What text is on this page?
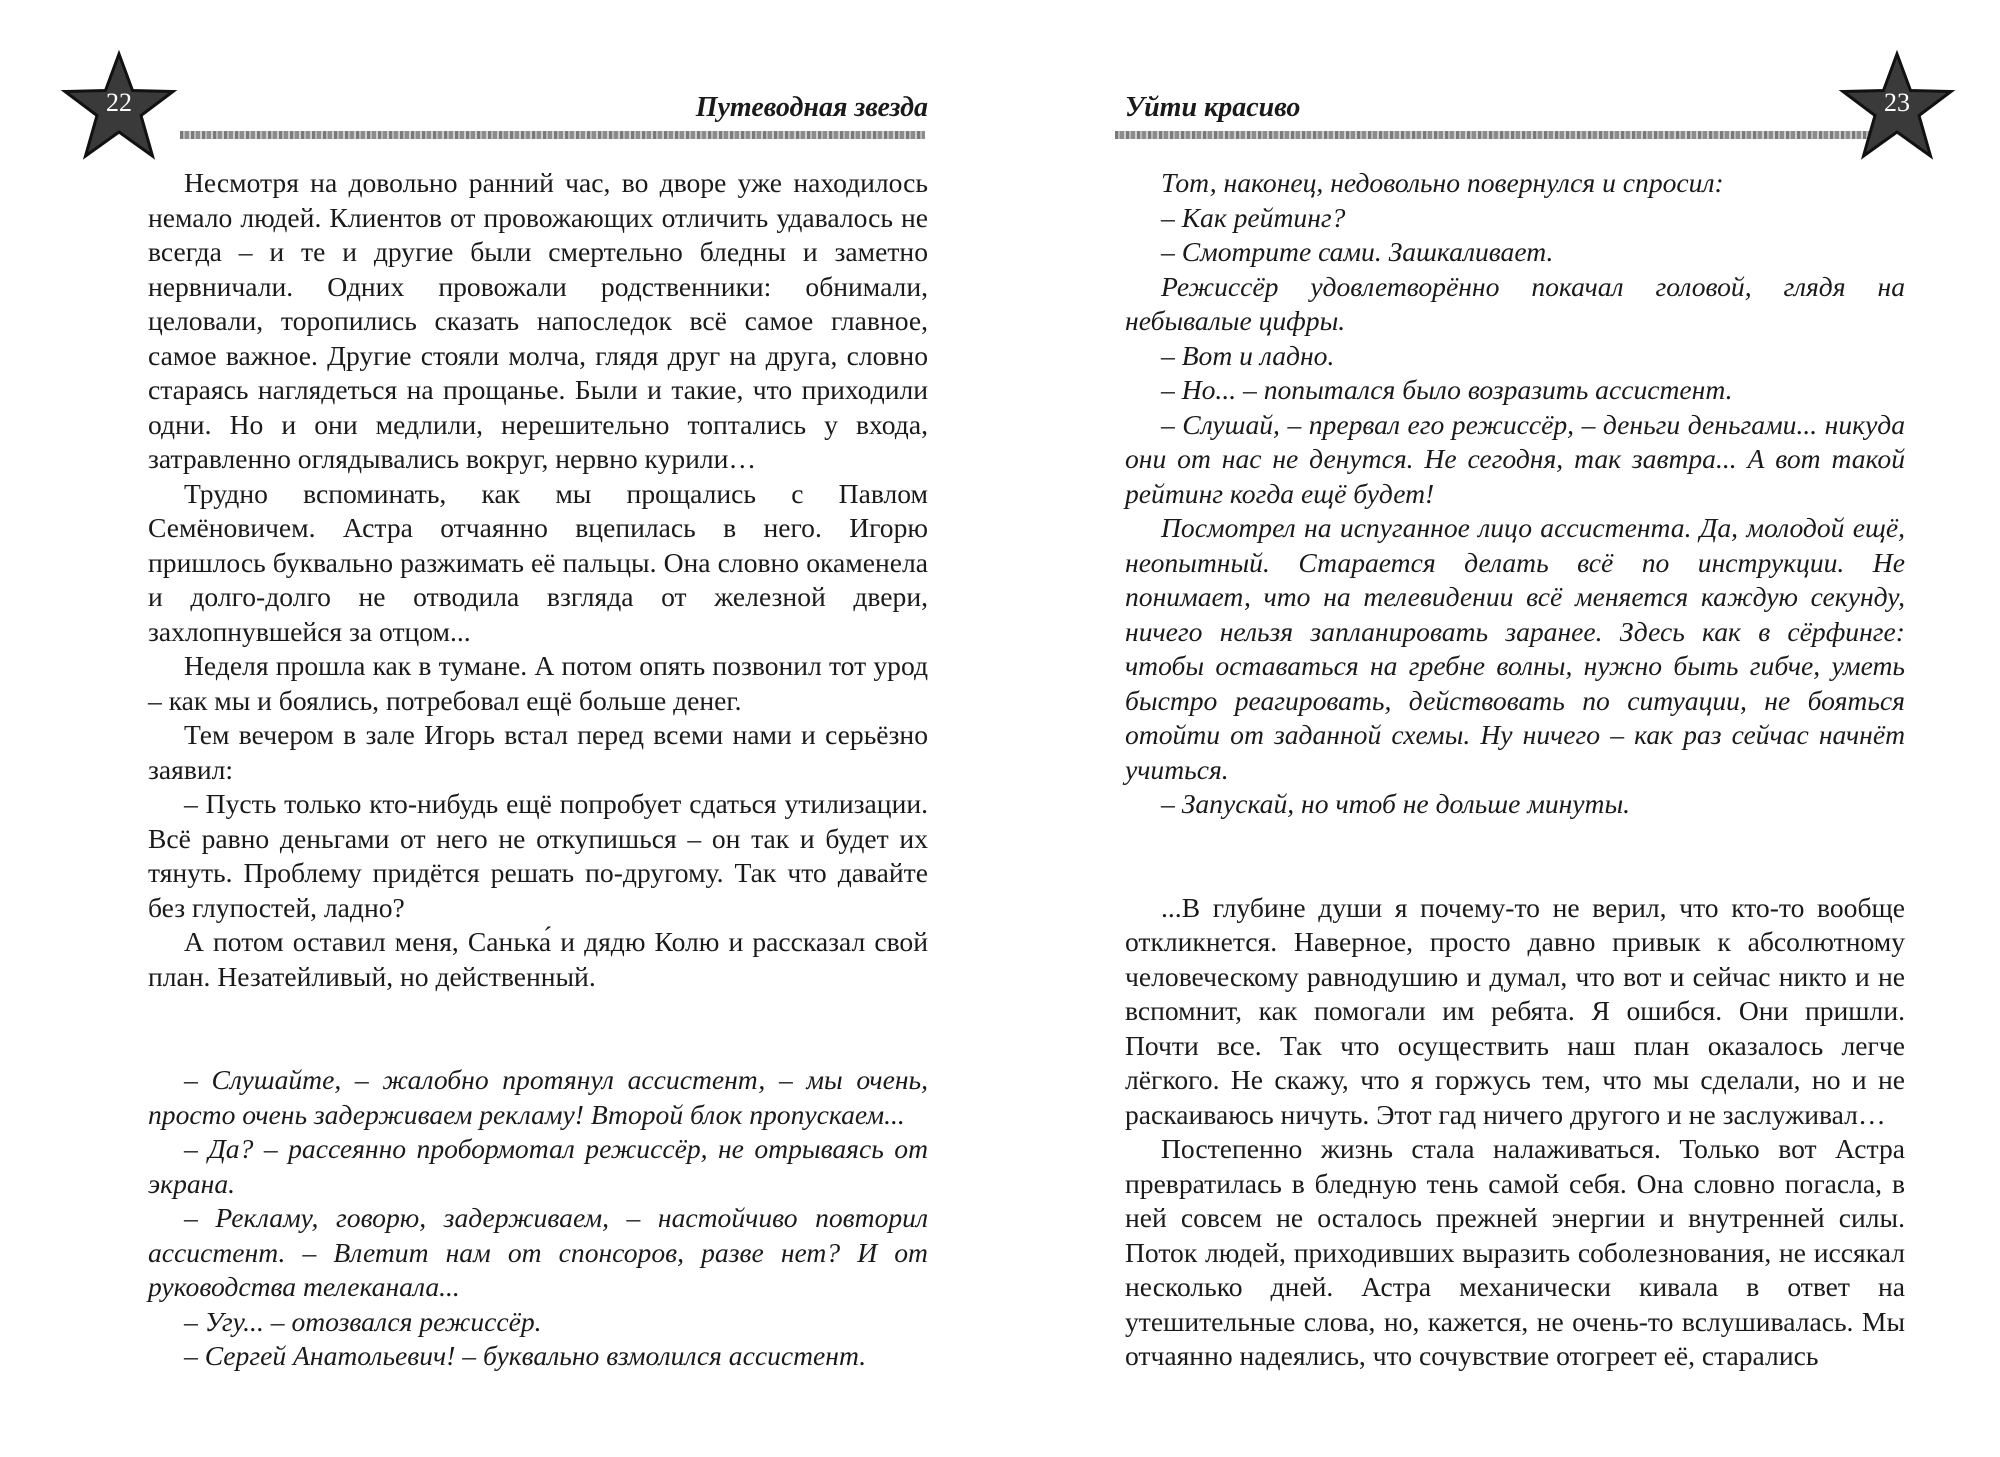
22	Путеводная звезда

Несмотря на довольно ранний час, во дворе уже находилось немало людей. Клиентов от провожающих отличить удавалось не всегда – и те и другие были смертельно бледны и заметно нервничали. Одних провожали родственники: обнимали, целовали, торопились сказать напоследок всё самое главное, самое важное. Другие стояли молча, глядя друг на друга, словно стараясь наглядеться на прощанье. Были и такие, что приходили одни. Но и они медлили, нерешительно топтались у входа, затравленно оглядывались вокруг, нервно курили…

Трудно вспоминать, как мы прощались с Павлом Семёновичем. Астра отчаянно вцепилась в него. Игорю пришлось буквально разжимать её пальцы. Она словно окаменела и долго-долго не отводила взгляда от железной двери, захлопнувшейся за отцом...

Неделя прошла как в тумане. А потом опять позвонил тот урод – как мы и боялись, потребовал ещё больше денег.

Тем вечером в зале Игорь встал перед всеми нами и серьёзно заявил:

– Пусть только кто-нибудь ещё попробует сдаться утилизации. Всё равно деньгами от него не откупишься – он так и будет их тянуть. Проблему придётся решать по-другому. Так что давайте без глупостей, ладно?

А потом оставил меня, Санька́ и дядю Колю и рассказал свой план. Незатейливый, но действенный.

– Слушайте, – жалобно протянул ассистент, – мы очень, просто очень задерживаем рекламу! Второй блок пропускаем...

– Да? – рассеянно пробормотал режиссёр, не отрываясь от экрана.

– Рекламу, говорю, задерживаем, – настойчиво повторил ассистент. – Влетит нам от спонсоров, разве нет? И от руководства телеканала...

– Угу... – отозвался режиссёр.

– Сергей Анатольевич! – буквально взмолился ассистент.

Уйти красиво	23

Тот, наконец, недовольно повернулся и спросил:

– Как рейтинг?

– Смотрите сами. Зашкаливает.

Режиссёр удовлетворённо покачал головой, глядя на небывалые цифры.

– Вот и ладно.

– Но... – попытался было возразить ассистент.

– Слушай, – прервал его режиссёр, – деньги деньгами... никуда они от нас не денутся. Не сегодня, так завтра... А вот такой рейтинг когда ещё будет!

Посмотрел на испуганное лицо ассистента. Да, молодой ещё, неопытный. Старается делать всё по инструкции. Не понимает, что на телевидении всё меняется каждую секунду, ничего нельзя запланировать заранее. Здесь как в сёрфинге: чтобы оставаться на гребне волны, нужно быть гибче, уметь быстро реагировать, действовать по ситуации, не бояться отойти от заданной схемы. Ну ничего – как раз сейчас начнёт учиться.

– Запускай, но чтоб не дольше минуты.

...В глубине души я почему-то не верил, что кто-то вообще откликнется. Наверное, просто давно привык к абсолютному человеческому равнодушию и думал, что вот и сейчас никто и не вспомнит, как помогали им ребята. Я ошибся. Они пришли. Почти все. Так что осуществить наш план оказалось легче лёгкого. Не скажу, что я горжусь тем, что мы сделали, но и не раскаиваюсь ничуть. Этот гад ничего другого и не заслуживал…

Постепенно жизнь стала налаживаться. Только вот Астра превратилась в бледную тень самой себя. Она словно погасла, в ней совсем не осталось прежней энергии и внутренней силы. Поток людей, приходивших выразить соболезнования, не иссякал несколько дней. Астра механически кивала в ответ на утешительные слова, но, кажется, не очень-то вслушивалась. Мы отчаянно надеялись, что сочувствие отогреет её, старались
